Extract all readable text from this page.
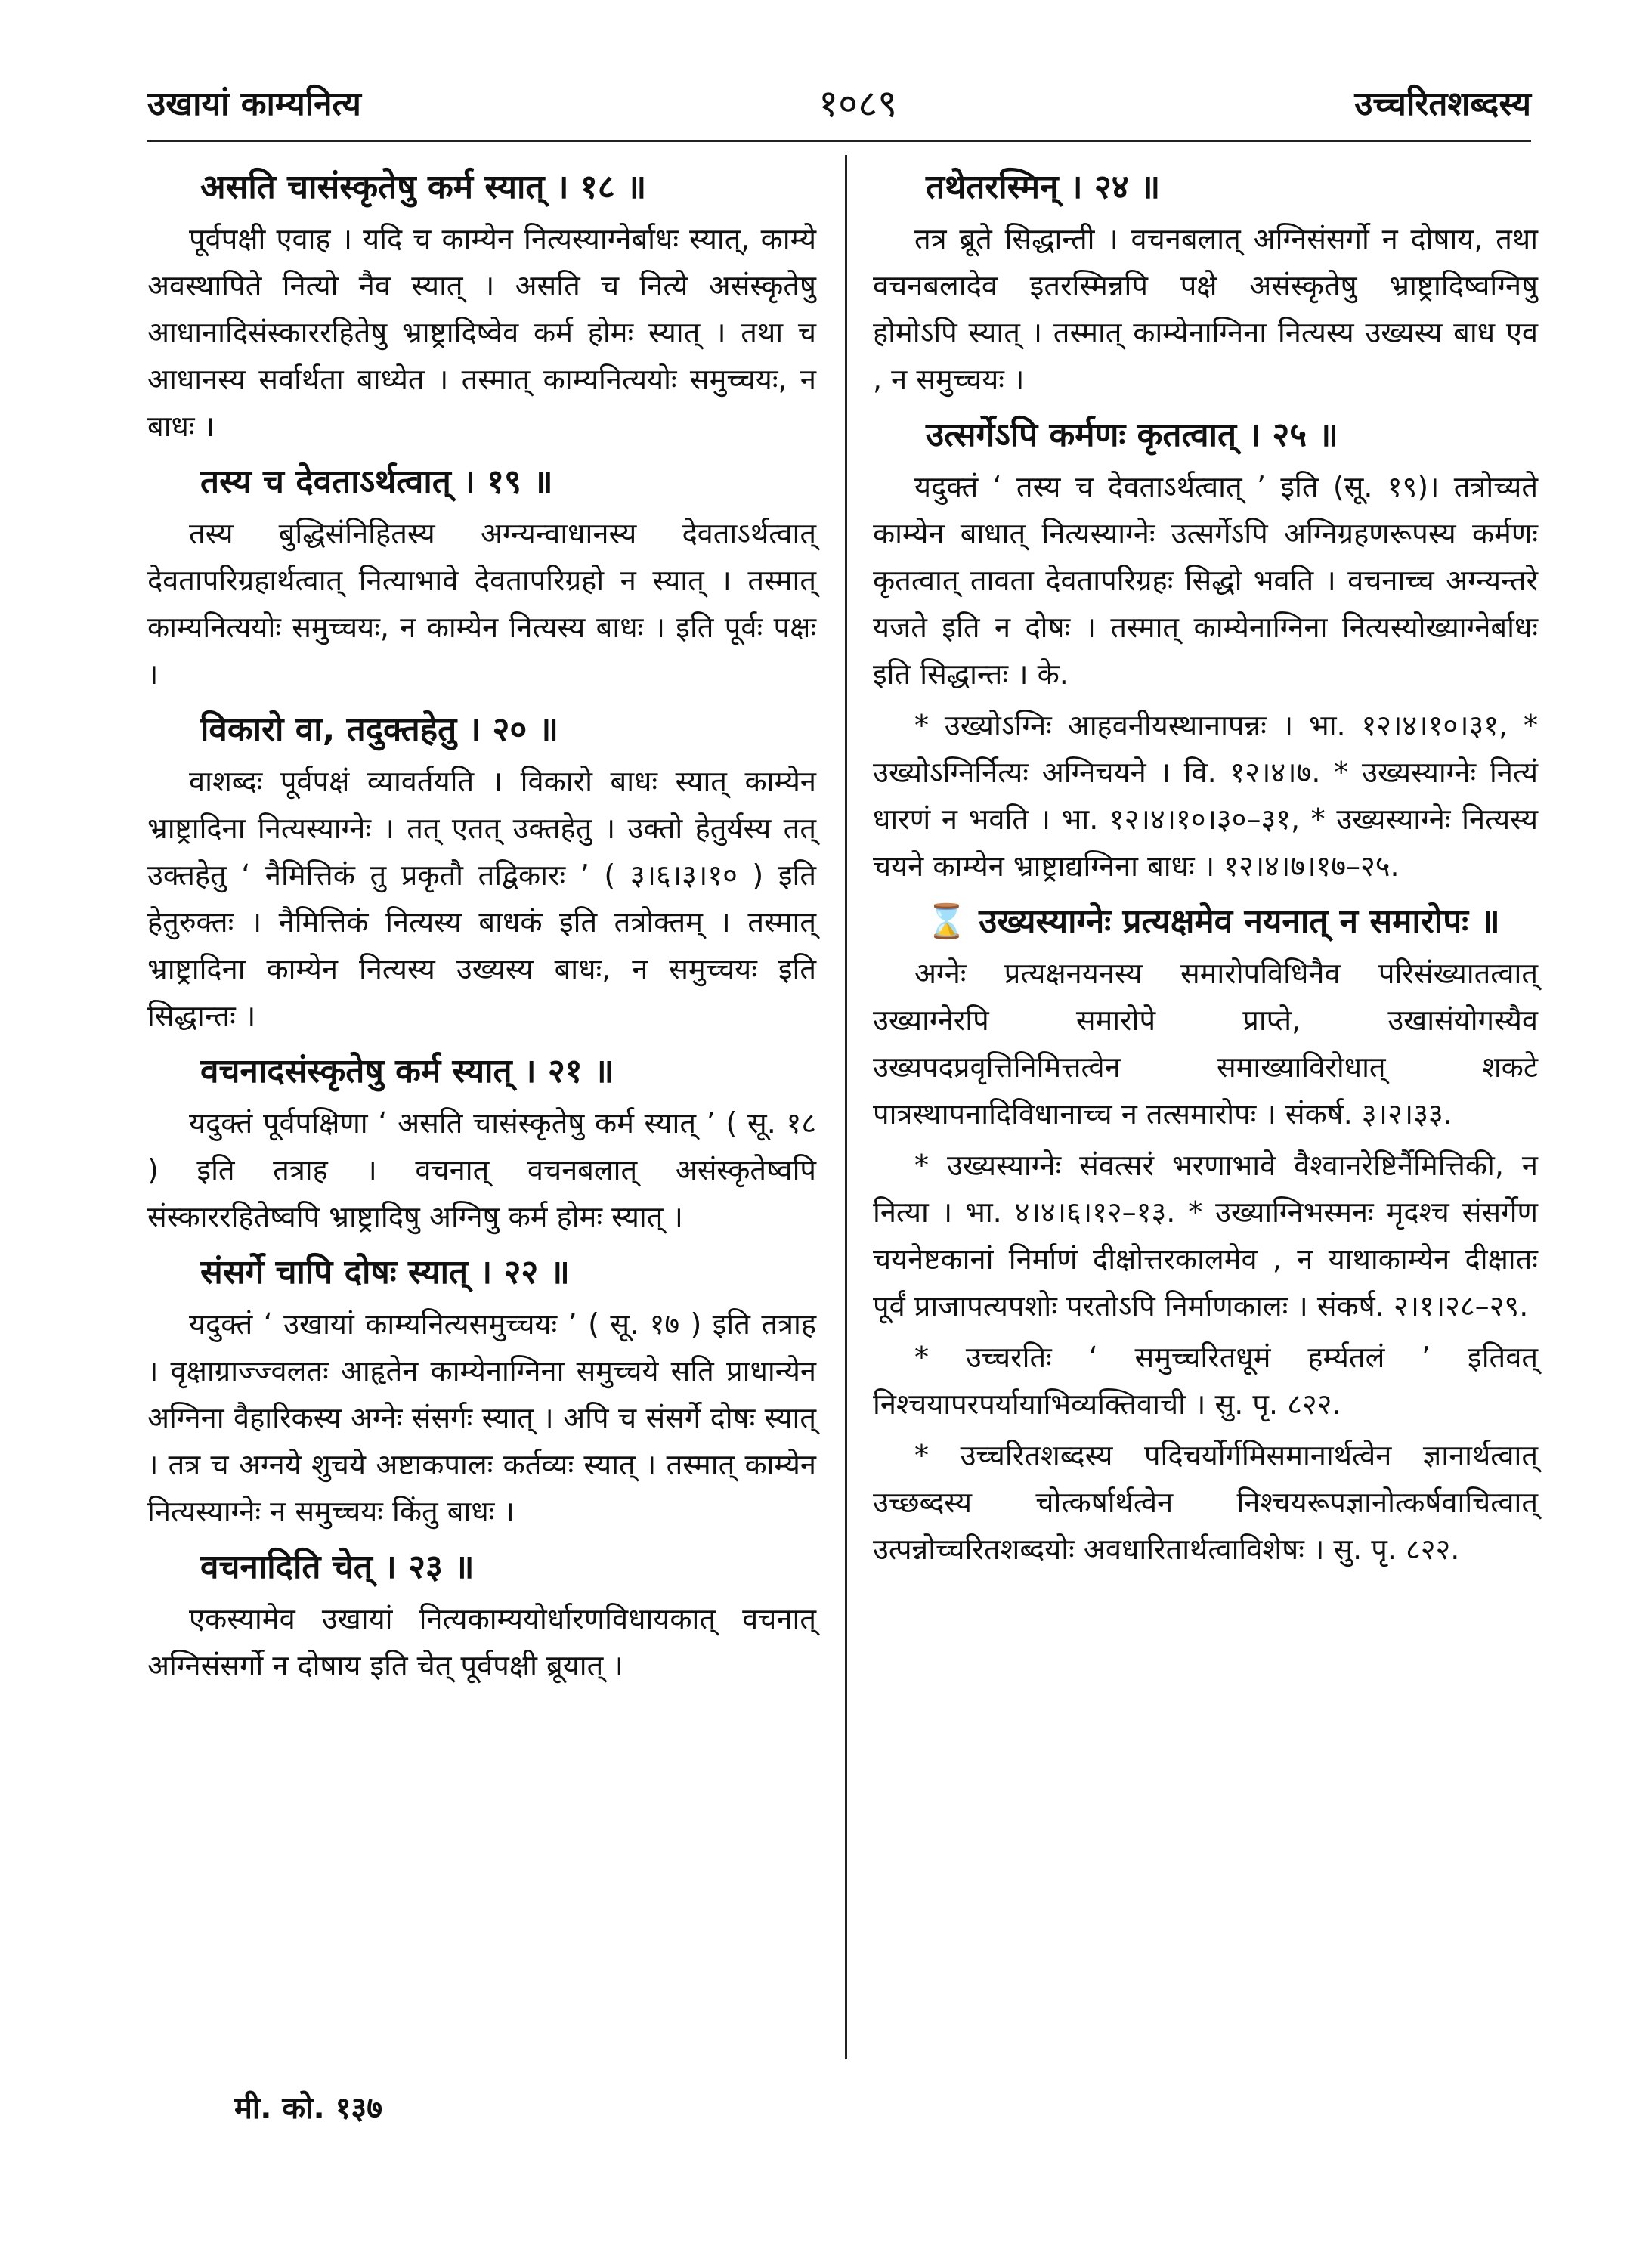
उखायां काम्यनित्य	१०८९	उच्चरितशब्दस्य
असति चासंस्कृतेषु कर्म स्यात् । १८ ॥
पूर्वपक्षी एवाह । यदि च काम्येन नित्यस्याग्नेर्बाधः स्यात्, काम्ये अवस्थापिते नित्यो नैव स्यात् । असति च नित्ये असंस्कृतेषु आधानादिसंस्काररहितेषु भ्राष्ट्रादिष्वेव कर्म होमः स्यात् । तथा च आधानस्य सर्वार्थता बाध्येत । तस्मात् काम्यनित्ययोः समुच्चयः, न बाधः ।
तस्य च देवताऽर्थत्वात् । १९ ॥
तस्य बुद्धिसंनिहितस्य अग्न्यन्वाधानस्य देवताऽर्थत्वात् देवतापरिग्रहार्थत्वात् नित्याभावे देवतापरिग्रहो न स्यात् । तस्मात् काम्यनित्ययोः समुच्चयः, न काम्येन नित्यस्य बाधः । इति पूर्वः पक्षः ।
विकारो वा, तदुक्तहेतु । २० ॥
वाशब्दः पूर्वपक्षं व्यावर्तयति । विकारो बाधः स्यात् काम्येन भ्राष्ट्रादिना नित्यस्याग्नेः । तत् एतत् उक्तहेतु । उक्तो हेतुर्यस्य तत् उक्तहेतु ‘ नैमित्तिकं तु प्रकृतौ तद्विकारः ’ ( ३।६।३।१० ) इति हेतुरुक्तः । नैमित्तिकं नित्यस्य बाधकं इति तत्रोक्तम् । तस्मात् भ्राष्ट्रादिना काम्येन नित्यस्य उख्यस्य बाधः, न समुच्चयः इति सिद्धान्तः ।
वचनादसंस्कृतेषु कर्म स्यात् । २१ ॥
यदुक्तं पूर्वपक्षिणा ‘ असति चासंस्कृतेषु कर्म स्यात् ’ ( सू. १८ ) इति तत्राह । वचनात् वचनबलात् असंस्कृतेष्वपि संस्काररहितेष्वपि भ्राष्ट्रादिषु अग्निषु कर्म होमः स्यात् ।
संसर्गे चापि दोषः स्यात् । २२ ॥
यदुक्तं ‘ उखायां काम्यनित्यसमुच्चयः ’ ( सू. १७ ) इति तत्राह । वृक्षाग्राज्ज्वलतः आहृतेन काम्येनाग्निना समुच्चये सति प्राधान्येन अग्निना वैहारिकस्य अग्नेः संसर्गः स्यात् । अपि च संसर्गे दोषः स्यात् । तत्र च अग्नये शुचये अष्टाकपालः कर्तव्यः स्यात् । तस्मात् काम्येन नित्यस्याग्नेः न समुच्चयः किंतु बाधः ।
वचनादिति चेत् । २३ ॥
एकस्यामेव उखायां नित्यकाम्ययोर्धारणविधायकात् वचनात् अग्निसंसर्गो न दोषाय इति चेत् पूर्वपक्षी ब्रूयात् ।
तथेतरस्मिन् । २४ ॥
तत्र ब्रूते सिद्धान्ती । वचनबलात् अग्निसंसर्गो न दोषाय, तथा वचनबलादेव इतरस्मिन्नपि पक्षे असंस्कृतेषु भ्राष्ट्रादिष्वग्निषु होमोऽपि स्यात् । तस्मात् काम्येनाग्निना नित्यस्य उख्यस्य बाध एव , न समुच्चयः ।
उत्सर्गेऽपि कर्मणः कृतत्वात् । २५ ॥
यदुक्तं ‘ तस्य च देवताऽर्थत्वात् ’ इति (सू. १९)। तत्रोच्यते काम्येन बाधात् नित्यस्याग्नेः उत्सर्गेऽपि अग्निग्रहणरूपस्य कर्मणः कृतत्वात् तावता देवतापरिग्रहः सिद्धो भवति । वचनाच्च अग्न्यन्तरे यजते इति न दोषः । तस्मात् काम्येनाग्निना नित्यस्योख्याग्नेर्बाधः इति सिद्धान्तः । के.
* उख्योऽग्निः आहवनीयस्थानापन्नः । भा. १२।४।१०।३१, * उख्योऽग्निर्नित्यः अग्निचयने । वि. १२।४।७. * उख्यस्याग्नेः नित्यं धारणं न भवति । भा. १२।४।१०।३०–३१, * उख्यस्याग्नेः नित्यस्य चयने काम्येन भ्राष्ट्राद्यग्निना बाधः । १२।४।७।१७–२५.
⌛ उख्यस्याग्नेः प्रत्यक्षमेव नयनात् न समारोपः ॥
अग्नेः प्रत्यक्षनयनस्य समारोपविधिनैव परिसंख्यातत्वात् उख्याग्नेरपि समारोपे प्राप्ते, उखासंयोगस्यैव उख्यपदप्रवृत्तिनिमित्तत्वेन समाख्याविरोधात् शकटे पात्रस्थापनादिविधानाच्च न तत्समारोपः । संकर्ष. ३।२।३३.
* उख्यस्याग्नेः संवत्सरं भरणाभावे वैश्वानरेष्टिर्नैमित्तिकी, न नित्या । भा. ४।४।६।१२–१३. * उख्याग्निभस्मनः मृदश्च संसर्गेण चयनेष्टकानां निर्माणं दीक्षोत्तरकालमेव , न याथाकाम्येन दीक्षातः पूर्वं प्राजापत्यपशोः परतोऽपि निर्माणकालः । संकर्ष. २।१।२८–२९.
* उच्चरतिः ‘ समुच्चरितधूमं हर्म्यतलं ’ इतिवत् निश्चयापरपर्यायाभिव्यक्तिवाची । सु. पृ. ८२२.
* उच्चरितशब्दस्य पदिचर्योर्गमिसमानार्थत्वेन ज्ञानार्थत्वात् उच्छब्दस्य चोत्कर्षार्थत्वेन निश्चयरूपज्ञानोत्कर्षवाचित्वात् उत्पन्नोच्चरितशब्दयोः अवधारितार्थत्वाविशेषः । सु. पृ. ८२२.
मी. को. १३७
